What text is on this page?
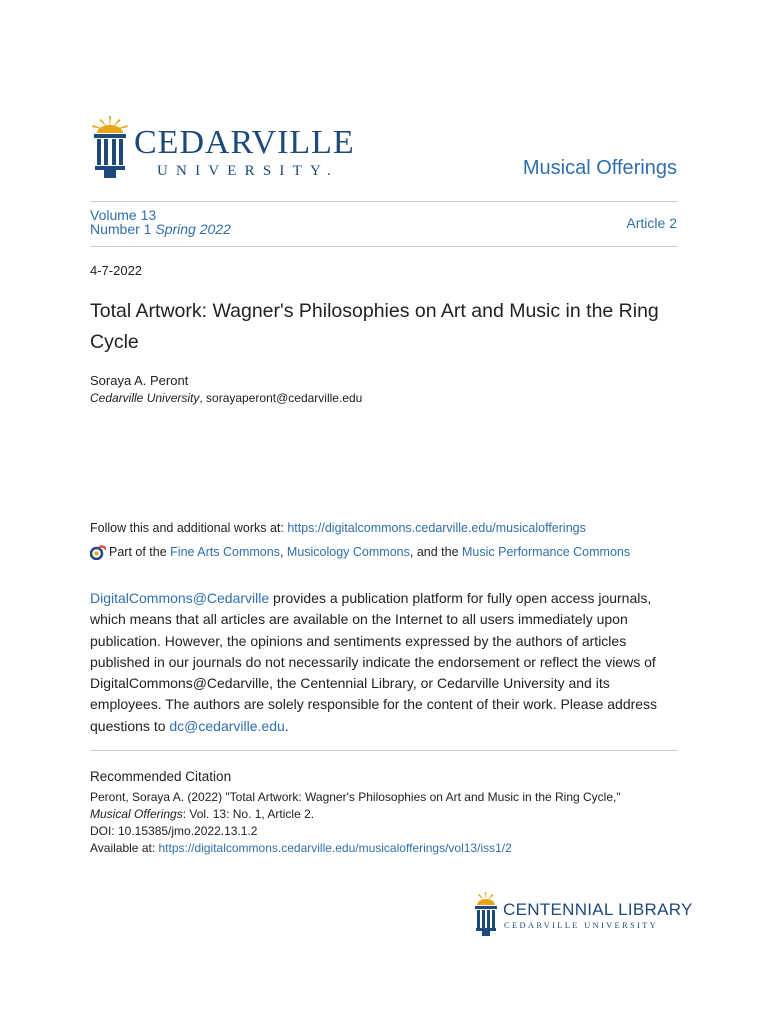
CEDARVILLE
UNIVERSITY.	Musical Offerings
Volume 13
Number 1 Spring 2022	Article 2
4-7-2022
Total Artwork: Wagner's Philosophies on Art and Music in the Ring Cycle
Soraya A. Peront
Cedarville University, sorayaperont@cedarville.edu
Follow this and additional works at: https://digitalcommons.cedarville.edu/musicalofferings
Part of the
Fine Arts Commons ,
Musicology Commons , and the Music Performance Commons
DigitalCommons@Cedarville provides a publication platform for fully open access journals, which means that all articles are available on the Internet to all users immediately upon publication. However, the opinions and sentiments expressed by the authors of articles published in our journals do not necessarily indicate the endorsement or reflect the views of DigitalCommons@Cedarville, the Centennial Library, or Cedarville University and its employees. The authors are solely responsible for the content of their work. Please address questions to dc@cedarville.edu.
Recommended Citation
Peront, Soraya A. (2022) "Total Artwork: Wagner's Philosophies on Art and Music in the Ring Cycle,"
Musical Offerings: Vol. 13: No. 1, Article 2.
DOI: 10.15385/jmo.2022.13.1.2
Available at: https://digitalcommons.cedarville.edu/musicalofferings/vol13/iss1/2
CENTENNIAL LIBRARY
CEDARVILLE UNIVERSITY
